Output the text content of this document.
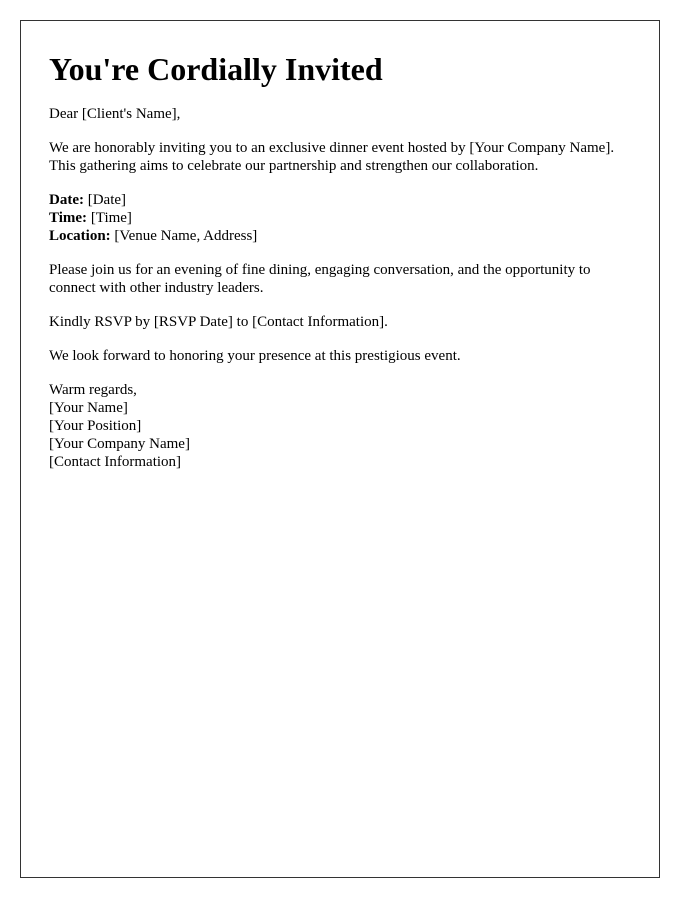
You're Cordially Invited

Dear [Client's Name],

We are honorably inviting you to an exclusive dinner event hosted by [Your Company Name]. This gathering aims to celebrate our partnership and strengthen our collaboration.

Date: [Date]
Time: [Time]
Location: [Venue Name, Address]

Please join us for an evening of fine dining, engaging conversation, and the opportunity to connect with other industry leaders.

Kindly RSVP by [RSVP Date] to [Contact Information].

We look forward to honoring your presence at this prestigious event.

Warm regards,
[Your Name]
[Your Position]
[Your Company Name]
[Contact Information]
